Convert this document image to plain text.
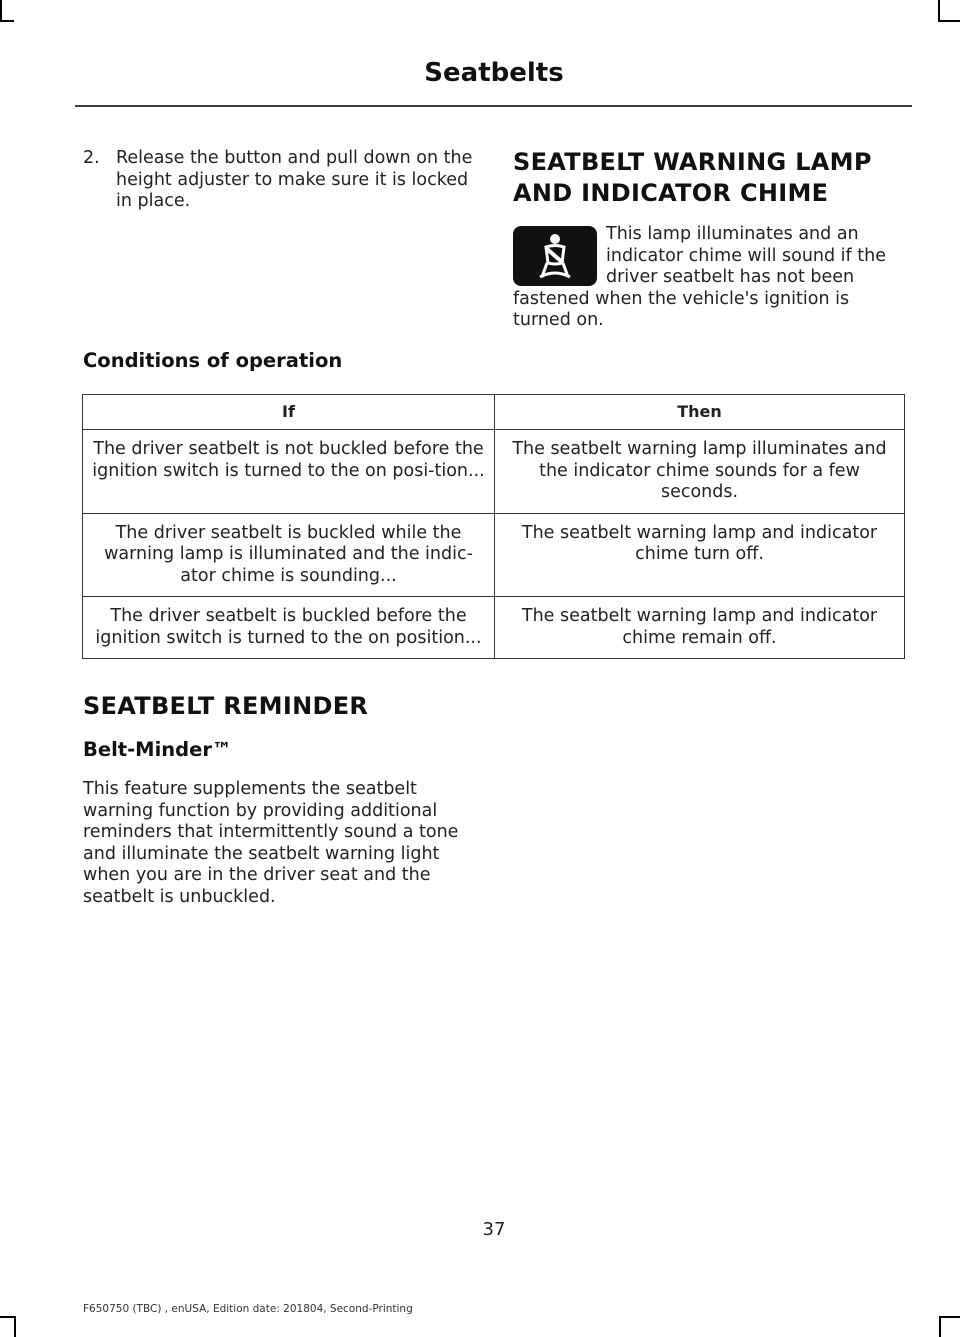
Seatbelts
2. Release the button and pull down on the height adjuster to make sure it is locked in place.
SEATBELT WARNING LAMP
AND INDICATOR CHIME
This lamp illuminates and an indicator chime will sound if the driver seatbelt has not been
fastened when the vehicle's ignition is turned on.
Conditions of operation
If	Then
The driver seatbelt is not buckled before the ignition switch is turned to the on posi-tion...	The seatbelt warning lamp illuminates and the indicator chime sounds for a few seconds.
The driver seatbelt is buckled while the warning lamp is illuminated and the indic-ator chime is sounding...	The seatbelt warning lamp and indicator chime turn off.
The driver seatbelt is buckled before the ignition switch is turned to the on position...	The seatbelt warning lamp and indicator chime remain off.
SEATBELT REMINDER
Belt-Minder™
This feature supplements the seatbelt warning function by providing additional reminders that intermittently sound a tone and illuminate the seatbelt warning light when you are in the driver seat and the seatbelt is unbuckled.
37
F650750 (TBC) , enUSA, Edition date: 201804, Second-Printing
